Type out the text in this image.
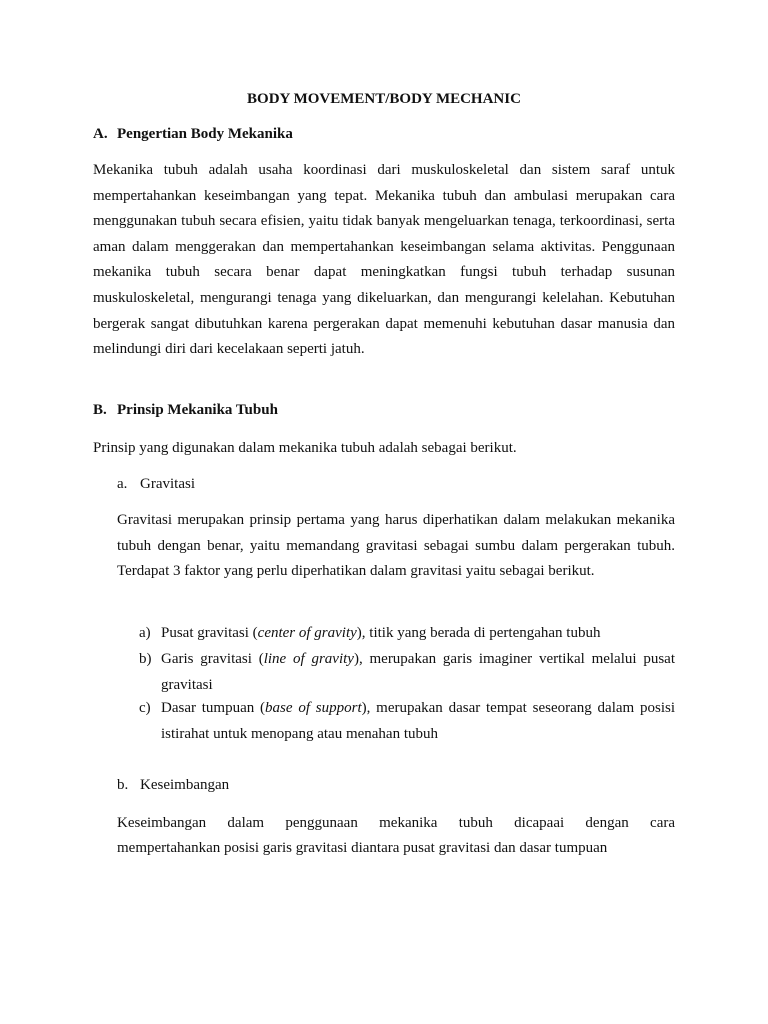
BODY MOVEMENT/BODY MECHANIC
A. Pengertian Body Mekanika
Mekanika tubuh adalah usaha koordinasi dari muskuloskeletal dan sistem saraf untuk mempertahankan keseimbangan yang tepat. Mekanika tubuh dan ambulasi merupakan cara menggunakan tubuh secara efisien, yaitu tidak banyak mengeluarkan tenaga, terkoordinasi, serta aman dalam menggerakan dan mempertahankan keseimbangan selama aktivitas. Penggunaan mekanika tubuh secara benar dapat meningkatkan fungsi tubuh terhadap susunan muskuloskeletal, mengurangi tenaga yang dikeluarkan, dan mengurangi kelelahan. Kebutuhan bergerak sangat dibutuhkan karena pergerakan dapat memenuhi kebutuhan dasar manusia dan melindungi diri dari kecelakaan seperti jatuh.
B. Prinsip Mekanika Tubuh
Prinsip yang digunakan dalam mekanika tubuh adalah sebagai berikut.
a. Gravitasi
Gravitasi merupakan prinsip pertama yang harus diperhatikan dalam melakukan mekanika tubuh dengan benar, yaitu memandang gravitasi sebagai sumbu dalam pergerakan tubuh. Terdapat 3 faktor yang perlu diperhatikan dalam gravitasi yaitu sebagai berikut.
a) Pusat gravitasi (center of gravity), titik yang berada di pertengahan tubuh
b) Garis gravitasi (line of gravity), merupakan garis imaginer vertikal melalui pusat gravitasi
c) Dasar tumpuan (base of support), merupakan dasar tempat seseorang dalam posisi istirahat untuk menopang atau menahan tubuh
b. Keseimbangan
Keseimbangan dalam penggunaan mekanika tubuh dicapaai dengan cara
mempertahankan posisi garis gravitasi diantara pusat gravitasi dan dasar tumpuan
